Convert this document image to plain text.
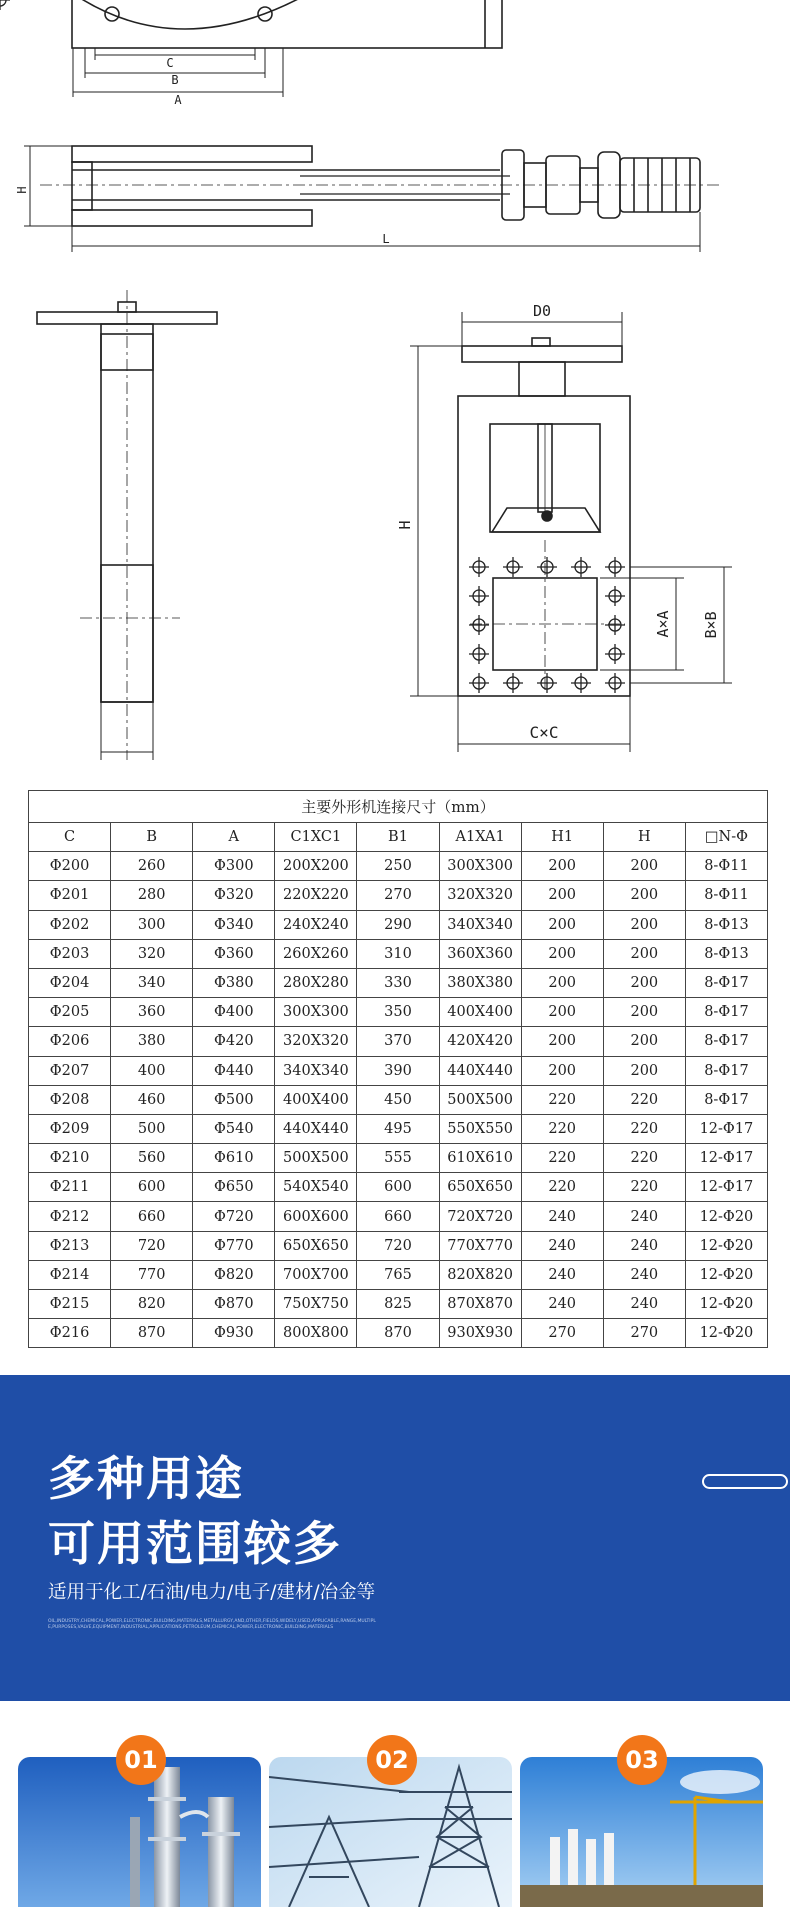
C
B
A
H
L
D0
H
A×A B×B
C×C
主要外形机连接尺寸（mm）								
C	B	A	C1XC1	B1	A1XA1	H1	H	□N-Φ
Φ200	260	Φ300	200X200	250	300X300	200	200	8-Φ11
Φ201	280	Φ320	220X220	270	320X320	200	200	8-Φ11
Φ202	300	Φ340	240X240	290	340X340	200	200	8-Φ13
Φ203	320	Φ360	260X260	310	360X360	200	200	8-Φ13
Φ204	340	Φ380	280X280	330	380X380	200	200	8-Φ17
Φ205	360	Φ400	300X300	350	400X400	200	200	8-Φ17
Φ206	380	Φ420	320X320	370	420X420	200	200	8-Φ17
Φ207	400	Φ440	340X340	390	440X440	200	200	8-Φ17
Φ208	460	Φ500	400X400	450	500X500	220	220	8-Φ17
Φ209	500	Φ540	440X440	495	550X550	220	220	12-Φ17
Φ210	560	Φ610	500X500	555	610X610	220	220	12-Φ17
Φ211	600	Φ650	540X540	600	650X650	220	220	12-Φ17
Φ212	660	Φ720	600X600	660	720X720	240	240	12-Φ20
Φ213	720	Φ770	650X650	720	770X770	240	240	12-Φ20
Φ214	770	Φ820	700X700	765	820X820	240	240	12-Φ20
Φ215	820	Φ870	750X750	825	870X870	240	240	12-Φ20
Φ216	870	Φ930	800X800	870	930X930	270	270	12-Φ20
多种用途
可用范围较多
适用于化工/石油/电力/电子/建材/冶金等
OIL,INDUSTRY,CHEMICAL,POWER,ELECTRONIC,BUILDING,MATERIALS,METALLURGY,AND,OTHER,FIELDS,WIDELY,USED,APPLICABLE,RANGE,MULTIPLE,PURPOSES,VALVE,EQUIPMENT,INDUSTRIAL,APPLICATIONS,PETROLEUM,CHEMICAL,POWER,ELECTRONIC,BUILDING,MATERIALS
01	02	03
